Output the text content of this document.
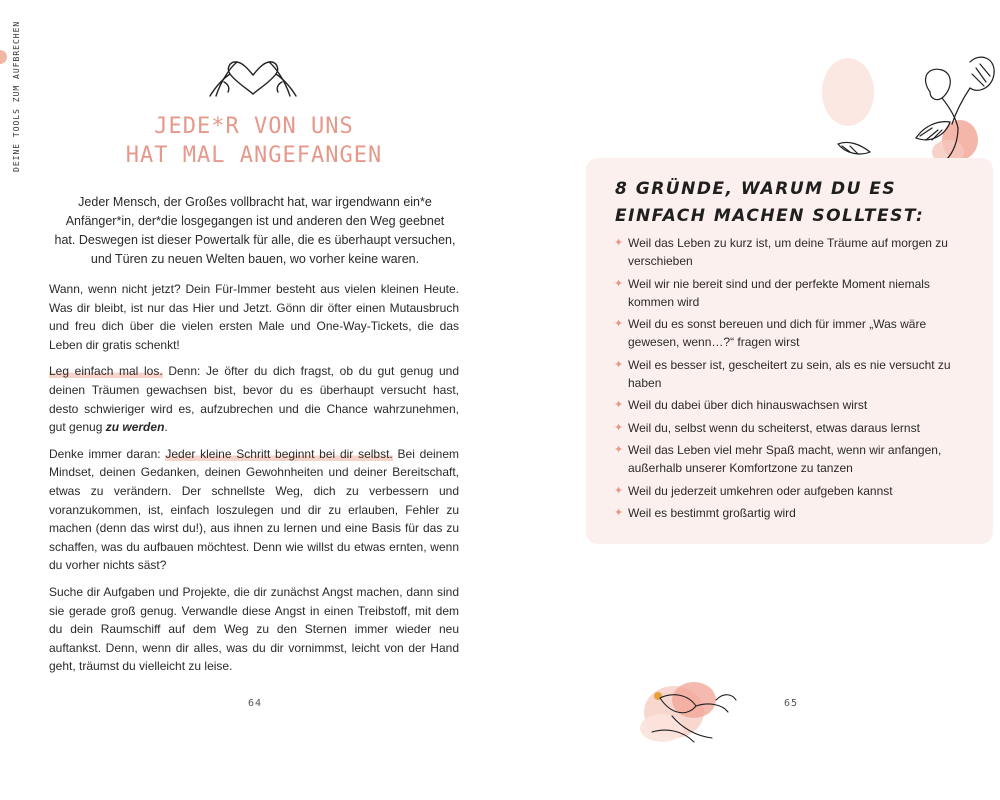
DEINE TOOLS ZUM AUFBRECHEN	JEDE*R VON UNS
HAT MAL ANGEFANGEN

Jeder Mensch, der Großes vollbracht hat, war irgendwann ein*e Anfänger*in, der*die losgegangen ist und anderen den Weg geebnet hat. Deswegen ist dieser Powertalk für alle, die es überhaupt versuchen, und Türen zu neuen Welten bauen, wo vorher keine waren.

Wann, wenn nicht jetzt? Dein Für-Immer besteht aus vielen kleinen Heute. Was dir bleibt, ist nur das Hier und Jetzt. Gönn dir öfter einen Mutausbruch und freu dich über die vielen ersten Male und One-Way-Tickets, die das Leben dir gratis schenkt!

Leg einfach mal los. Denn: Je öfter du dich fragst, ob du gut genug und deinen Träumen gewachsen bist, bevor du es überhaupt versucht hast, desto schwieriger wird es, aufzubrechen und die Chance wahrzunehmen, gut genug zu werden.

Denke immer daran: Jeder kleine Schritt beginnt bei dir selbst. Bei deinem Mindset, deinen Gedanken, deinen Gewohnheiten und deiner Bereitschaft, etwas zu verändern. Der schnellste Weg, dich zu verbessern und voranzukommen, ist, einfach loszulegen und dir zu erlauben, Fehler zu machen (denn das wirst du!), aus ihnen zu lernen und eine Basis für das zu schaffen, was du aufbauen möchtest. Denn wie willst du etwas ernten, wenn du vorher nichts säst?

Suche dir Aufgaben und Projekte, die dir zunächst Angst machen, dann sind sie gerade groß genug. Verwandle diese Angst in einen Treibstoff, mit dem du dein Raumschiff auf dem Weg zu den Sternen immer wieder neu auftankst. Denn, wenn dir alles, was du dir vornimmst, leicht von der Hand geht, träumst du vielleicht zu leise.

64
8 GRÜNDE, WARUM DU ES EINFACH MACHEN SOLLTEST:
✦ Weil das Leben zu kurz ist, um deine Träume auf morgen zu verschieben
✦ Weil wir nie bereit sind und der perfekte Moment niemals kommen wird
✦ Weil du es sonst bereuen und dich für immer „Was wäre gewesen, wenn…?“ fragen wirst
✦ Weil es besser ist, gescheitert zu sein, als es nie versucht zu haben
✦ Weil du dabei über dich hinauswachsen wirst
✦ Weil du, selbst wenn du scheiterst, etwas daraus lernst
✦ Weil das Leben viel mehr Spaß macht, wenn wir anfangen, außerhalb unserer Komfortzone zu tanzen
✦ Weil du jederzeit umkehren oder aufgeben kannst
✦ Weil es bestimmt großartig wird
65
